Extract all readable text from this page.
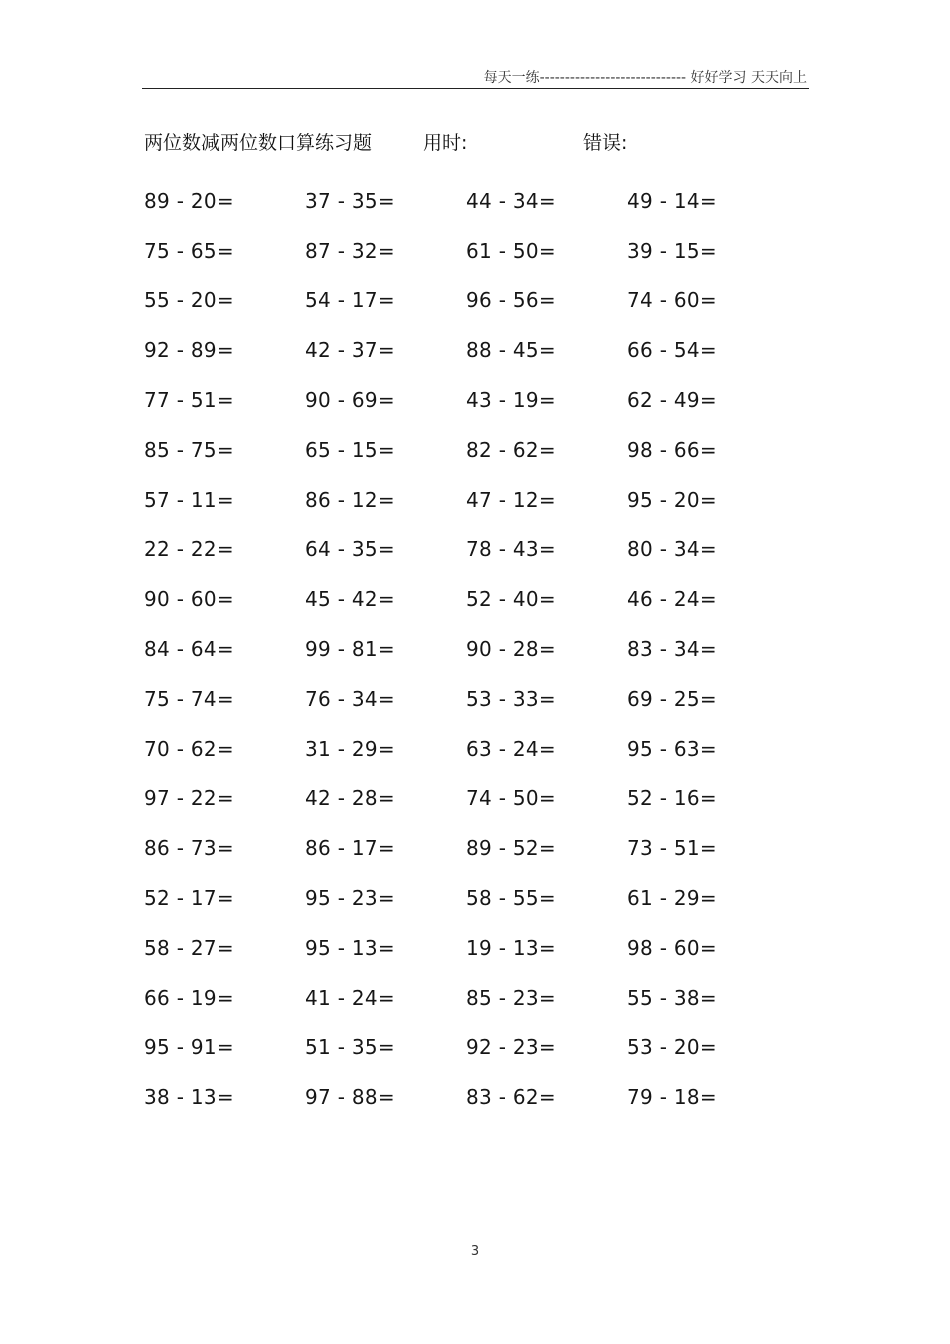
每天一练----------------------------- 好好学习 天天向上
两位数减两位数口算练习题	用时:	错误:
89 - 20=	37 - 35=	44 - 34=	49 - 14=
75 - 65=	87 - 32=	61 - 50=	39 - 15=
55 - 20=	54 - 17=	96 - 56=	74 - 60=
92 - 89=	42 - 37=	88 - 45=	66 - 54=
77 - 51=	90 - 69=	43 - 19=	62 - 49=
85 - 75=	65 - 15=	82 - 62=	98 - 66=
57 - 11=	86 - 12=	47 - 12=	95 - 20=
22 - 22=	64 - 35=	78 - 43=	80 - 34=
90 - 60=	45 - 42=	52 - 40=	46 - 24=
84 - 64=	99 - 81=	90 - 28=	83 - 34=
75 - 74=	76 - 34=	53 - 33=	69 - 25=
70 - 62=	31 - 29=	63 - 24=	95 - 63=
97 - 22=	42 - 28=	74 - 50=	52 - 16=
86 - 73=	86 - 17=	89 - 52=	73 - 51=
52 - 17=	95 - 23=	58 - 55=	61 - 29=
58 - 27=	95 - 13=	19 - 13=	98 - 60=
66 - 19=	41 - 24=	85 - 23=	55 - 38=
95 - 91=	51 - 35=	92 - 23=	53 - 20=
38 - 13=	97 - 88=	83 - 62=	79 - 18=
3
